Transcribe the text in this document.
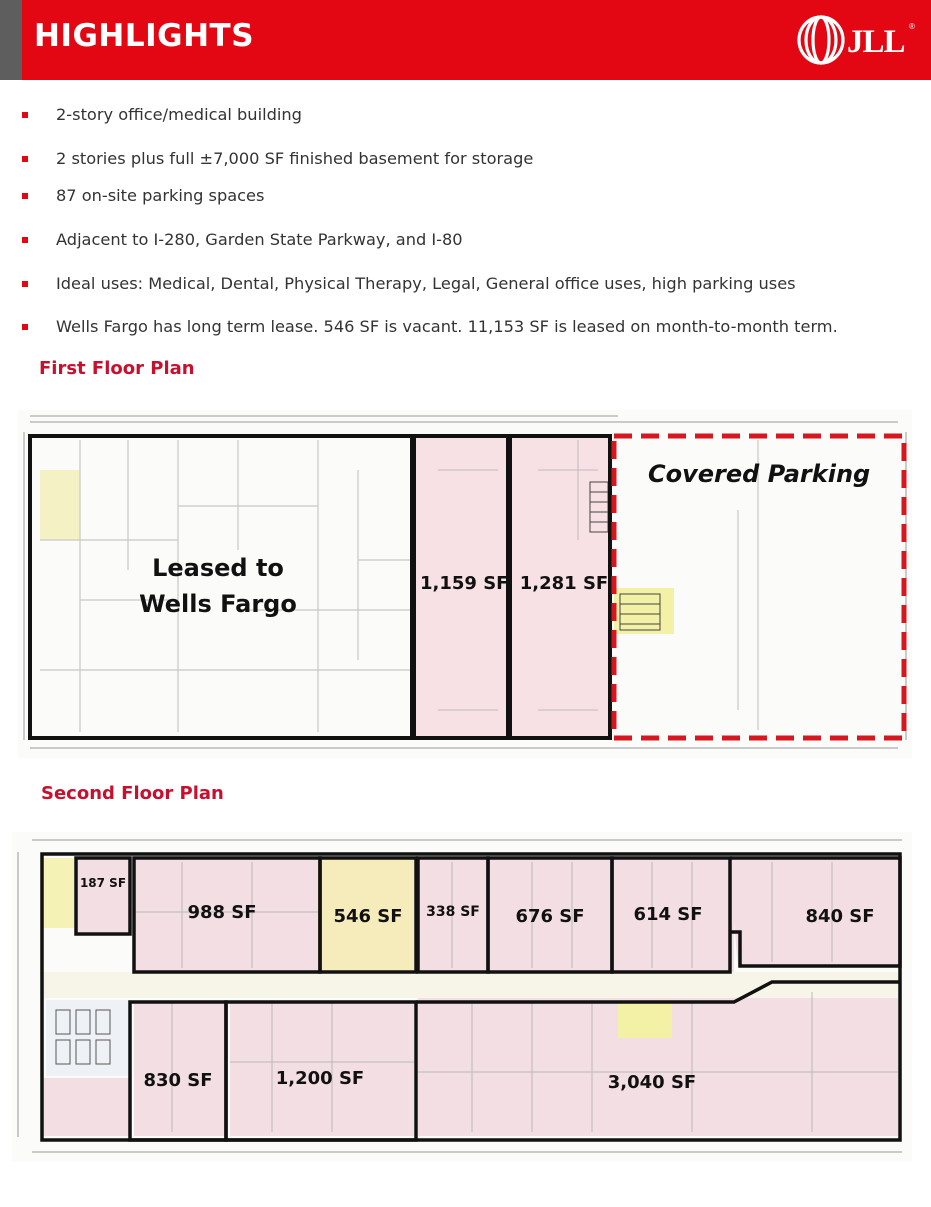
HIGHLIGHTS	JLL ®
2-story office/medical building
2 stories plus full ±7,000 SF finished basement for storage
87 on-site parking spaces
Adjacent to I-280, Garden State Parkway, and I-80
Ideal uses: Medical, Dental, Physical Therapy, Legal, General office uses, high parking uses
Wells Fargo has long term lease. 546 SF is vacant. 11,153 SF is leased on month-to-month term.
First Floor Plan
Leased to
Wells Fargo
1,159 SF 1,281 SF
Covered Parking
Second Floor Plan
187 SF
988 SF	546 SF	338 SF	676 SF	614 SF	840 SF
830 SF	1,200 SF	3,040 SF
